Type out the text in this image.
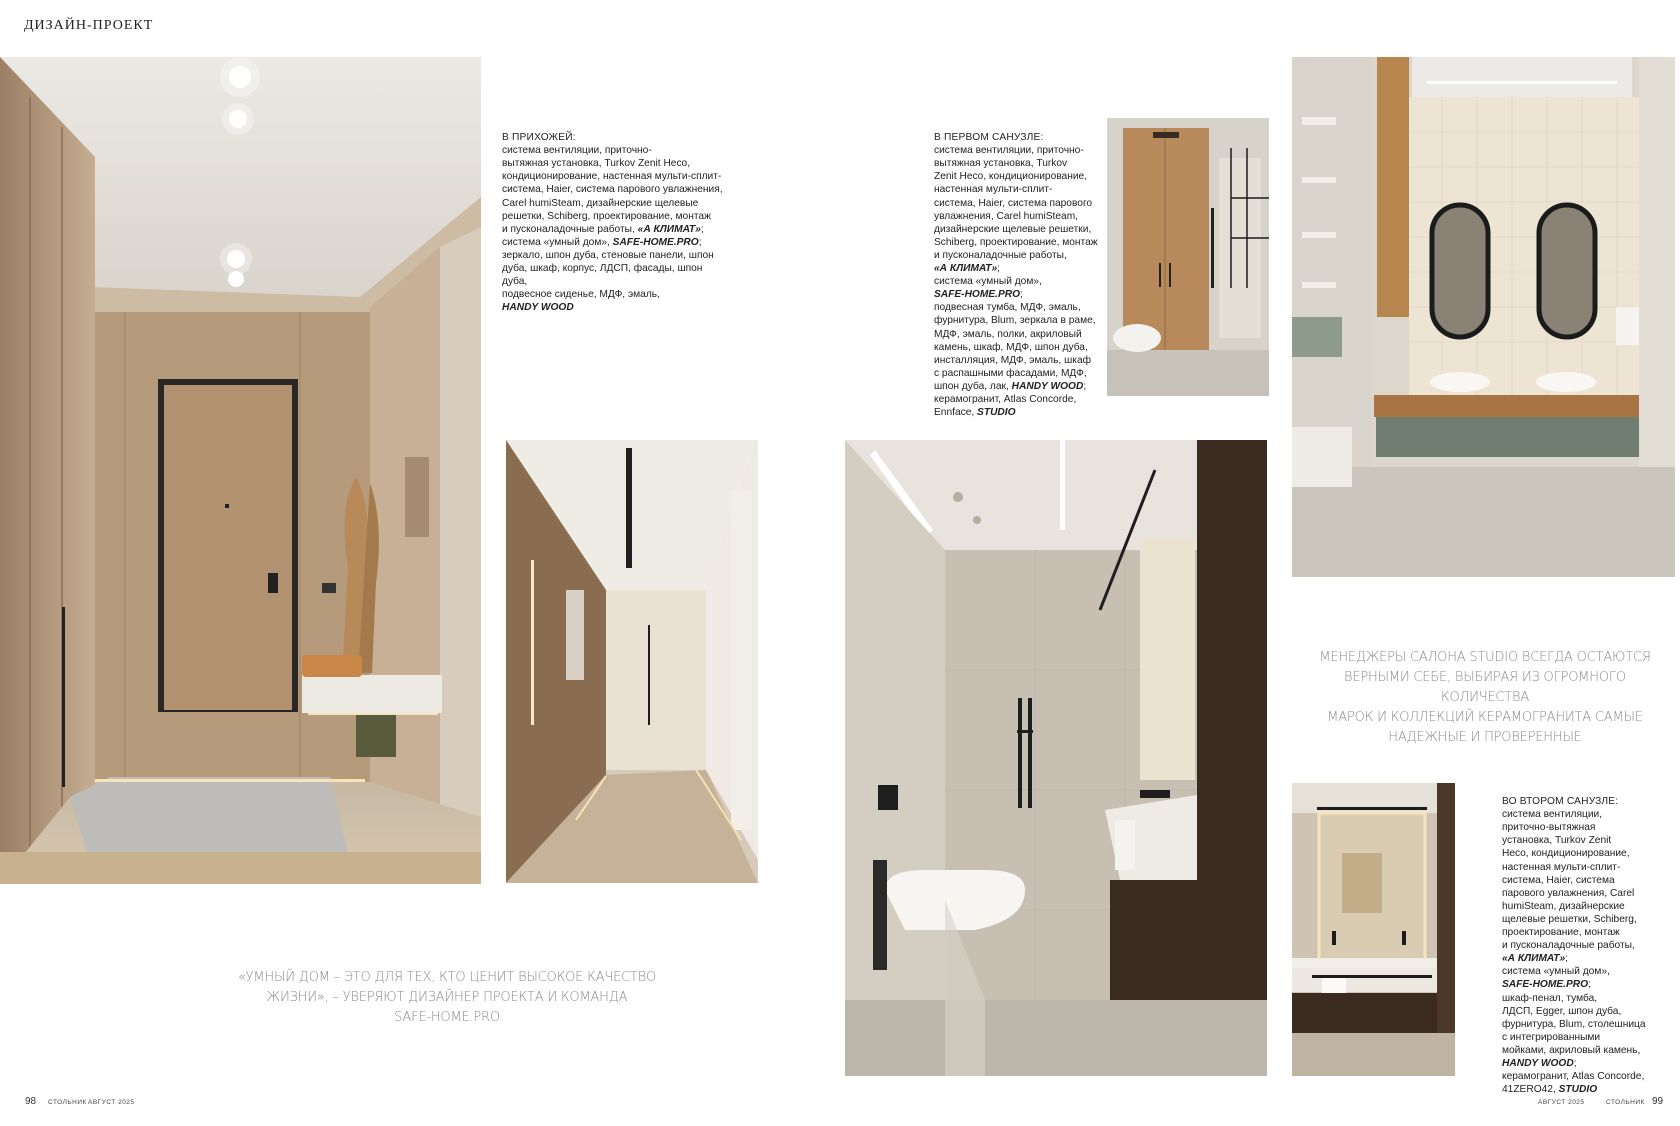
ДИЗАЙН-ПРОЕКТ

В ПРИХОЖЕЙ:
система вентиляции, приточно-
вытяжная установка, Turkov Zenit Heco,
кондиционирование, настенная мульти-сплит-
система, Haier, система парового увлажнения,
Carel humiSteam, дизайнерские щелевые
решетки, Schiberg, проектирование, монтаж
и пусконаладочные работы, «А КЛИМАТ»;
система «умный дом», SAFE-HOME.PRO;
зеркало, шпон дуба, стеновые панели, шпон
дуба, шкаф, корпус, ЛДСП, фасады, шпон дуба,
подвесное сиденье, МДФ, эмаль,
HANDY WOOD

В ПЕРВОМ САНУЗЛЕ:
система вентиляции, приточно-
вытяжная установка, Turkov
Zenit Heco, кондиционирование,
настенная мульти-сплит-
система, Haier, система парового
увлажнения, Carel humiSteam,
дизайнерские щелевые решетки,
Schiberg, проектирование, монтаж
и пусконаладочные работы,
«А КЛИМАТ»;
система «умный дом»,
SAFE-HOME.PRO;
подвесная тумба, МДФ, эмаль,
фурнитура, Blum, зеркала в раме,
МДФ, эмаль, полки, акриловый
камень, шкаф, МДФ, шпон дуба,
инсталляция, МДФ, эмаль, шкаф
с распашными фасадами, МДФ,
шпон дуба, лак, HANDY WOOD;
керамогранит, Atlas Concorde,
Ennface, STUDIO

«УМНЫЙ ДОМ – ЭТО ДЛЯ ТЕХ, КТО ЦЕНИТ ВЫСОКОЕ КАЧЕСТВО
ЖИЗНИ», – УВЕРЯЮТ ДИЗАЙНЕР ПРОЕКТА И КОМАНДА
SAFE-HOME.PRO
МЕНЕДЖЕРЫ САЛОНА STUDIO ВСЕГДА ОСТАЮТСЯ
ВЕРНЫМИ СЕБЕ, ВЫБИРАЯ ИЗ ОГРОМНОГО КОЛИЧЕСТВА
МАРОК И КОЛЛЕКЦИЙ КЕРАМОГРАНИТА САМЫЕ
НАДЕЖНЫЕ И ПРОВЕРЕННЫЕ

ВО ВТОРОМ САНУЗЛЕ:
система вентиляции,
приточно-вытяжная
установка, Turkov Zenit
Heco, кондиционирование,
настенная мульти-сплит-
система, Haier, система
парового увлажнения, Carel
humiSteam, дизайнерские
щелевые решетки, Schiberg,
проектирование, монтаж
и пусконаладочные работы,
«А КЛИМАТ»;
система «умный дом»,
SAFE-HOME.PRO;
шкаф-пенал, тумба,
ЛДСП, Egger, шпон дуба,
фурнитура, Blum, столешница
с интегрированными
мойками, акриловый камень,
HANDY WOOD;
керамогранит, Atlas Concorde,
41ZERO42, STUDIO

98 СТОЛЬНИК АВГУСТ 2025	АВГУСТ 2025	СТОЛЬНИК 99
